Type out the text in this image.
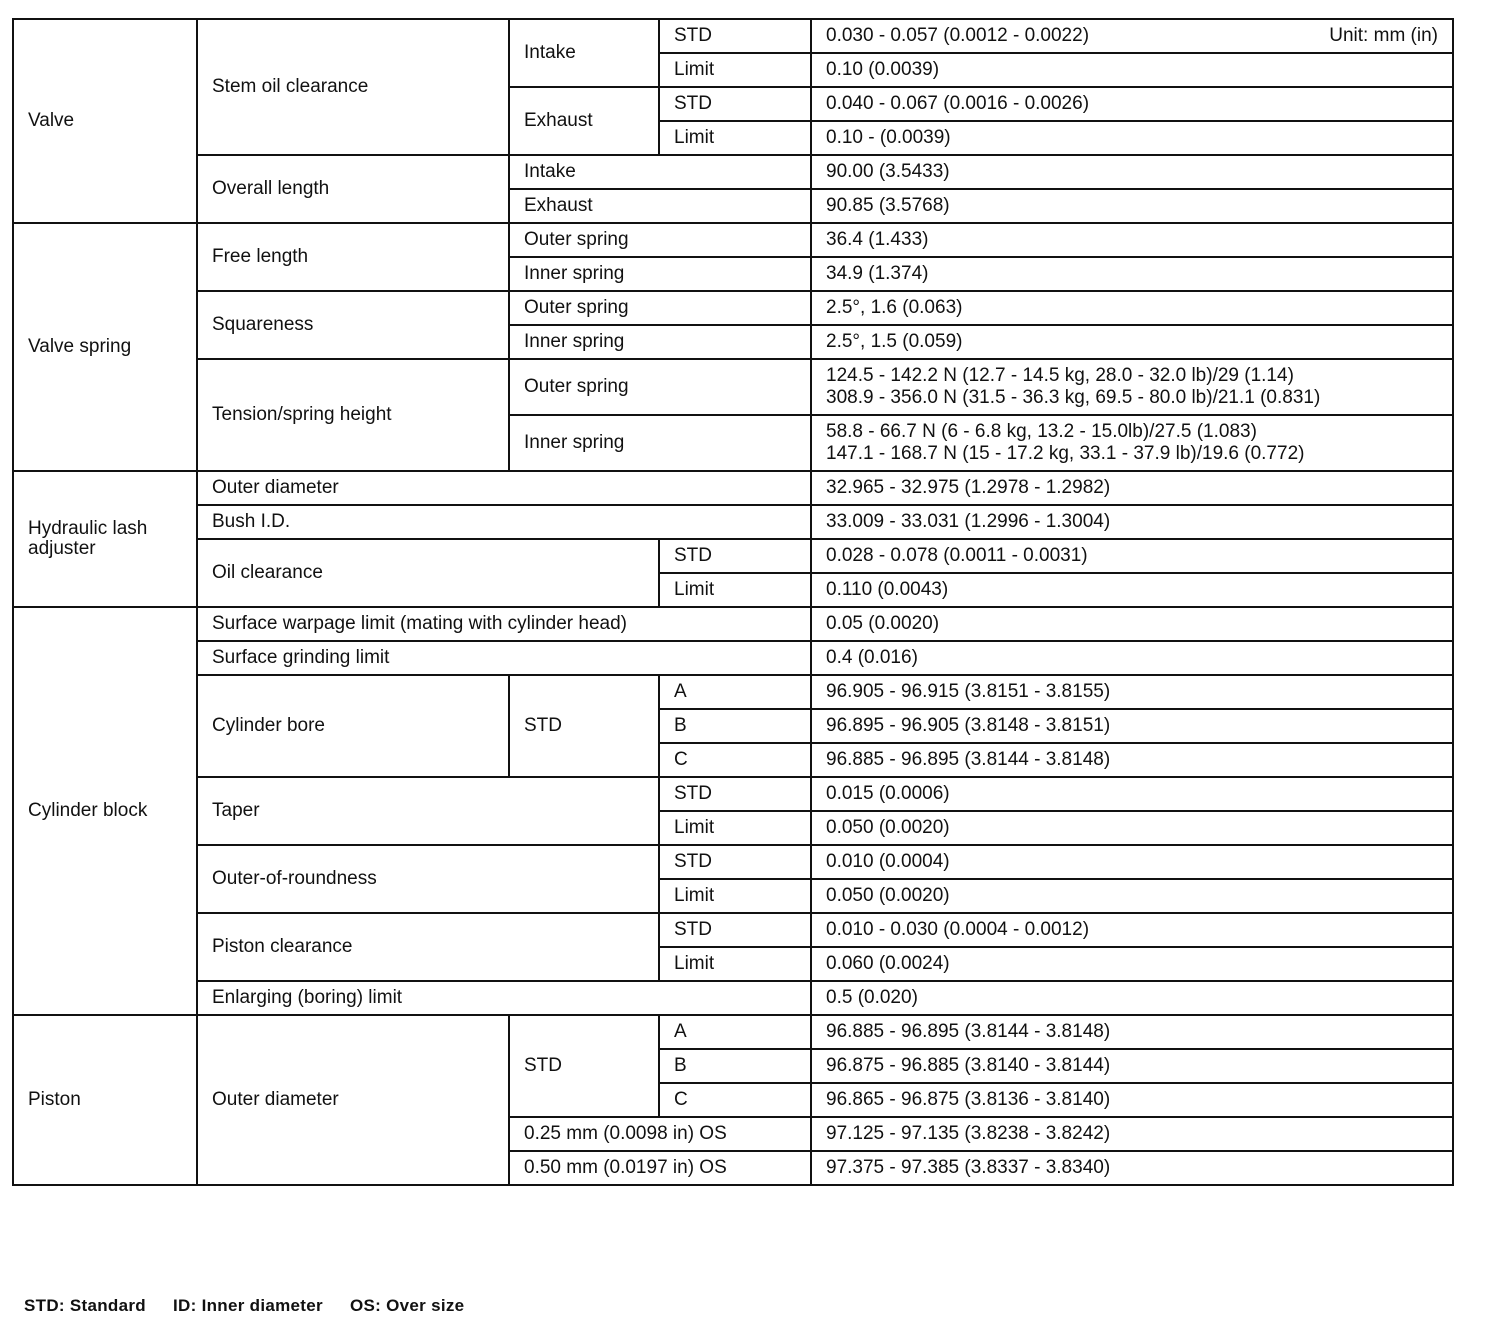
Valve	Stem oil clearance	Intake	STD	0.030 - 0.057 (0.0012 - 0.0022) Unit: mm (in)

			Limit	0.10 (0.0039)
		Exhaust	STD	0.040 - 0.067 (0.0016 - 0.0026)
			Limit	0.10 - (0.0039)
	Overall length	Intake		90.00 (3.5433)
		Exhaust		90.85 (3.5768)
Valve spring	Free length	Outer spring		36.4 (1.433)
		Inner spring		34.9 (1.374)
	Squareness	Outer spring		2.5°, 1.6 (0.063)
		Inner spring		2.5°, 1.5 (0.059)
	Tension/spring height	Outer spring		124.5 - 142.2 N (12.7 - 14.5 kg, 28.0 - 32.0 lb)/29 (1.14)
308.9 - 356.0 N (31.5 - 36.3 kg, 69.5 - 80.0 lb)/21.1 (0.831)

		Inner spring		58.8 - 66.7 N (6 - 6.8 kg, 13.2 - 15.0lb)/27.5 (1.083)
147.1 - 168.7 N (15 - 17.2 kg, 33.1 - 37.9 lb)/19.6 (0.772)

Hydraulic lash adjuster	Outer diameter			32.965 - 32.975 (1.2978 - 1.2982)
	Bush I.D.			33.009 - 33.031 (1.2996 - 1.3004)
	Oil clearance		STD	0.028 - 0.078 (0.0011 - 0.0031)
			Limit	0.110 (0.0043)
Cylinder block	Surface warpage limit (mating with cylinder head)			0.05 (0.0020)
	Surface grinding limit			0.4 (0.016)
	Cylinder bore	STD	A	96.905 - 96.915 (3.8151 - 3.8155)
			B	96.895 - 96.905 (3.8148 - 3.8151)
			C	96.885 - 96.895 (3.8144 - 3.8148)
	Taper		STD	0.015 (0.0006)
			Limit	0.050 (0.0020)
	Outer-of-roundness		STD	0.010 (0.0004)
			Limit	0.050 (0.0020)
	Piston clearance		STD	0.010 - 0.030 (0.0004 - 0.0012)
			Limit	0.060 (0.0024)
	Enlarging (boring) limit			0.5 (0.020)
Piston	Outer diameter	STD	A	96.885 - 96.895 (3.8144 - 3.8148)
			B	96.875 - 96.885 (3.8140 - 3.8144)
			C	96.865 - 96.875 (3.8136 - 3.8140)
		0.25 mm (0.0098 in) OS		97.125 - 97.135 (3.8238 - 3.8242)
		0.50 mm (0.0197 in) OS		97.375 - 97.385 (3.8337 - 3.8340)
STD: Standard ID: Inner diameter OS: Over size
